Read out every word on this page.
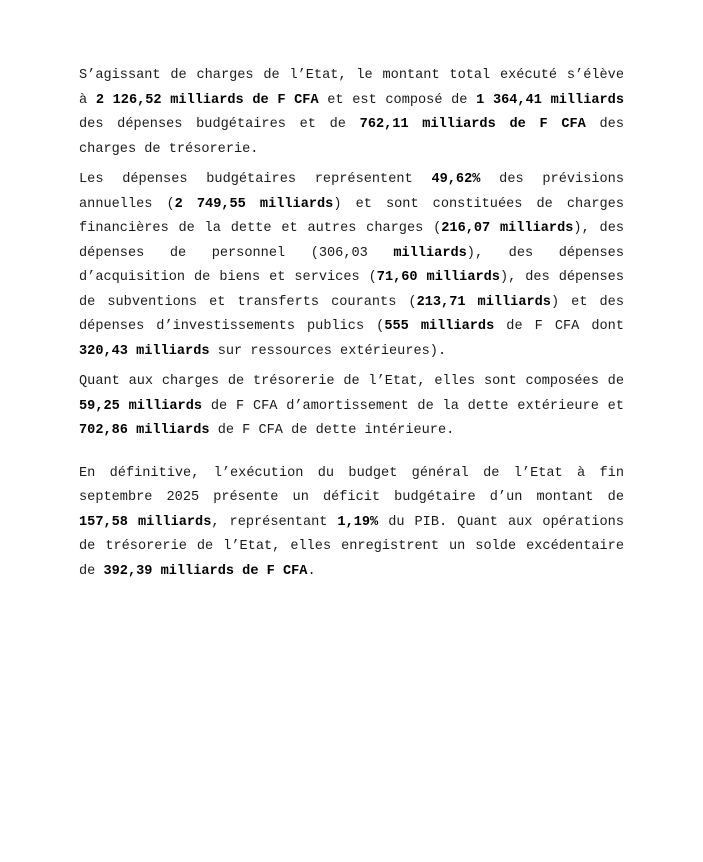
S’agissant de charges de l’Etat, le montant total exécuté s’élève à 2 126,52 milliards de F CFA et est composé de 1 364,41 milliards des dépenses budgétaires et de 762,11 milliards de F CFA des charges de trésorerie.

Les dépenses budgétaires représentent 49,62% des prévisions annuelles (2 749,55 milliards) et sont constituées de charges financières de la dette et autres charges (216,07 milliards), des dépenses de personnel (306,03 milliards), des dépenses d’acquisition de biens et services (71,60 milliards), des dépenses de subventions et transferts courants (213,71 milliards) et des dépenses d’investissements publics (555 milliards de F CFA dont 320,43 milliards sur ressources extérieures).

Quant aux charges de trésorerie de l’Etat, elles sont composées de 59,25 milliards de F CFA d’amortissement de la dette extérieure et 702,86 milliards de F CFA de dette intérieure.

En définitive, l’exécution du budget général de l’Etat à fin septembre 2025 présente un déficit budgétaire d’un montant de 157,58 milliards, représentant 1,19% du PIB. Quant aux opérations de trésorerie de l’Etat, elles enregistrent un solde excédentaire de 392,39 milliards de F CFA.
